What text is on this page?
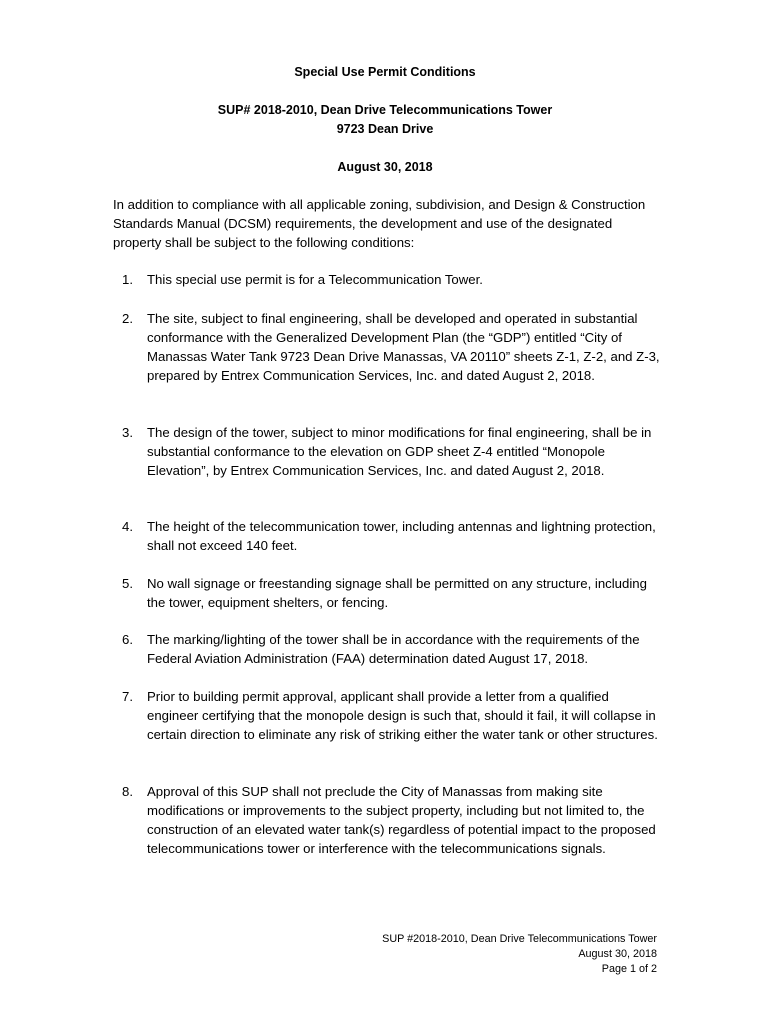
Special Use Permit Conditions
SUP# 2018-2010, Dean Drive Telecommunications Tower
9723 Dean Drive
August 30, 2018
In addition to compliance with all applicable zoning, subdivision, and Design & Construction Standards Manual (DCSM) requirements, the development and use of the designated property shall be subject to the following conditions:
1.	This special use permit is for a Telecommunication Tower.
2.	The site, subject to final engineering, shall be developed and operated in substantial conformance with the Generalized Development Plan (the “GDP”) entitled “City of Manassas Water Tank 9723 Dean Drive Manassas, VA 20110” sheets Z-1, Z-2, and Z-3, prepared by Entrex Communication Services, Inc. and dated August 2, 2018.
3.	The design of the tower, subject to minor modifications for final engineering, shall be in substantial conformance to the elevation on GDP sheet Z-4 entitled “Monopole Elevation”, by Entrex Communication Services, Inc. and dated August 2, 2018.
4.	The height of the telecommunication tower, including antennas and lightning protection, shall not exceed 140 feet.
5.	No wall signage or freestanding signage shall be permitted on any structure, including the tower, equipment shelters, or fencing.
6.	The marking/lighting of the tower shall be in accordance with the requirements of the Federal Aviation Administration (FAA) determination dated August 17, 2018.
7.	Prior to building permit approval, applicant shall provide a letter from a qualified engineer certifying that the monopole design is such that, should it fail, it will collapse in certain direction to eliminate any risk of striking either the water tank or other structures.
8.	Approval of this SUP shall not preclude the City of Manassas from making site modifications or improvements to the subject property, including but not limited to, the construction of an elevated water tank(s) regardless of potential impact to the proposed telecommunications tower or interference with the telecommunications signals.
SUP #2018-2010, Dean Drive Telecommunications Tower
August 30, 2018
Page 1 of 2
